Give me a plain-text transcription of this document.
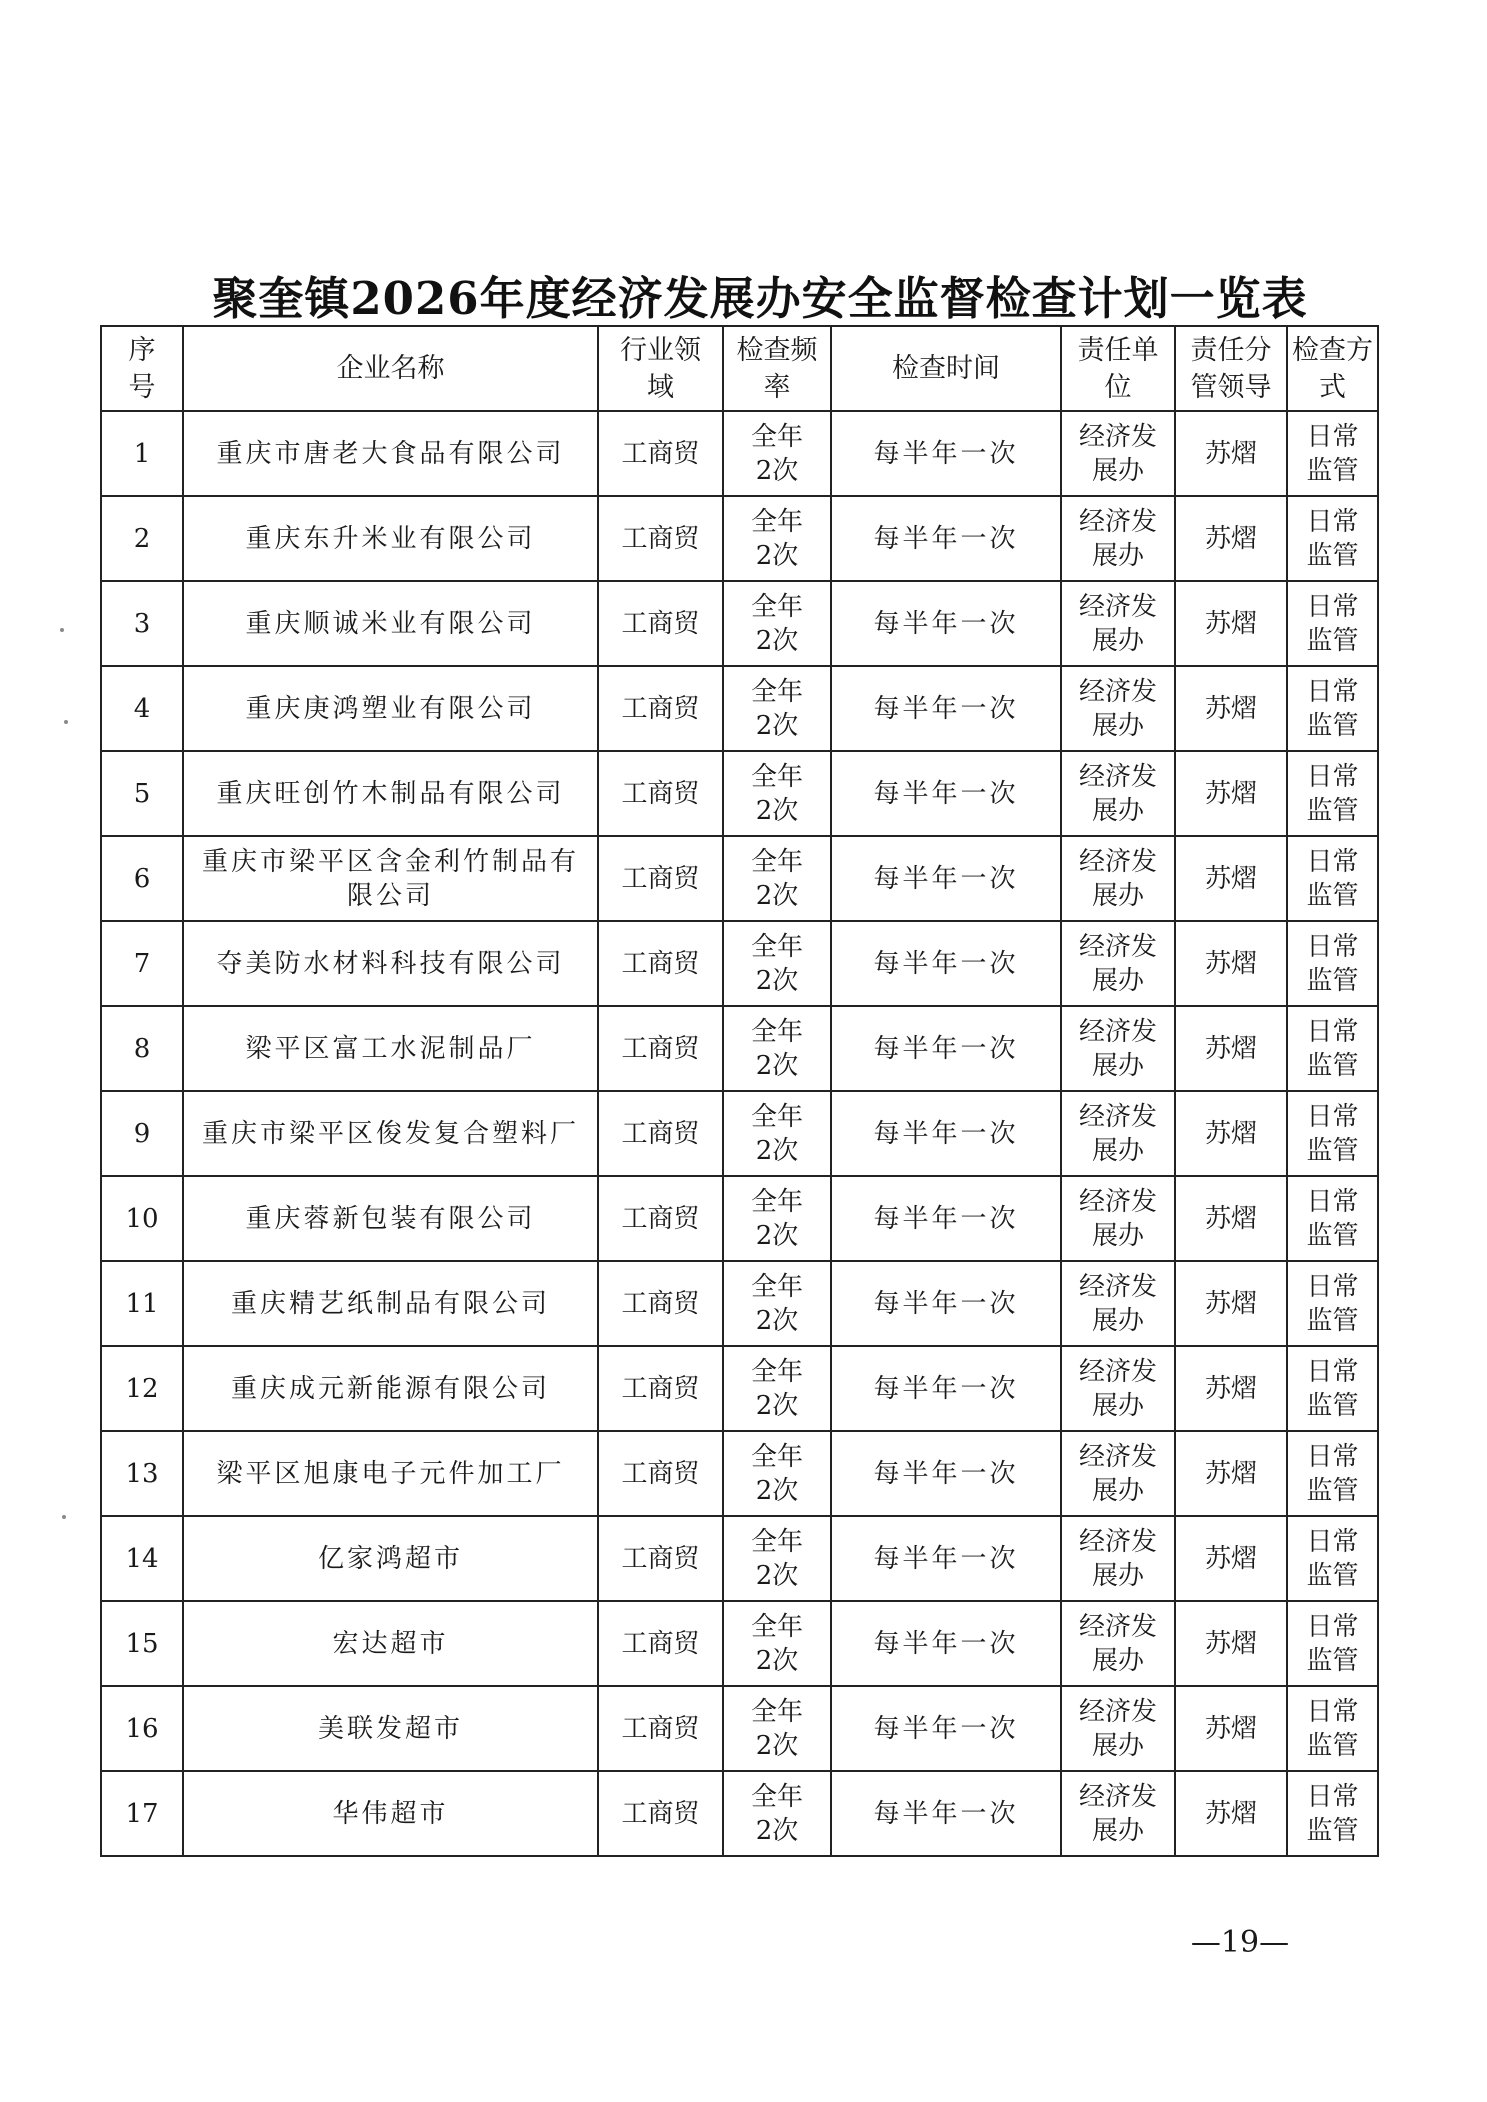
聚奎镇2026年度经济发展办安全监督检查计划一览表
序号	企业名称	行业领域	检查频率	检查时间	责任单位	责任分管领导	检查方式
1	重庆市唐老大食品有限公司	工商贸	全年2次	每半年一次	经济发展办	苏熠	日常监管
2	重庆东升米业有限公司	工商贸	全年2次	每半年一次	经济发展办	苏熠	日常监管
3	重庆顺诚米业有限公司	工商贸	全年2次	每半年一次	经济发展办	苏熠	日常监管
4	重庆庚鸿塑业有限公司	工商贸	全年2次	每半年一次	经济发展办	苏熠	日常监管
5	重庆旺创竹木制品有限公司	工商贸	全年2次	每半年一次	经济发展办	苏熠	日常监管
6	重庆市梁平区含金利竹制品有限公司	工商贸	全年2次	每半年一次	经济发展办	苏熠	日常监管
7	夺美防水材料科技有限公司	工商贸	全年2次	每半年一次	经济发展办	苏熠	日常监管
8	梁平区富工水泥制品厂	工商贸	全年2次	每半年一次	经济发展办	苏熠	日常监管
9	重庆市梁平区俊发复合塑料厂	工商贸	全年2次	每半年一次	经济发展办	苏熠	日常监管
10	重庆蓉新包装有限公司	工商贸	全年2次	每半年一次	经济发展办	苏熠	日常监管
11	重庆精艺纸制品有限公司	工商贸	全年2次	每半年一次	经济发展办	苏熠	日常监管
12	重庆成元新能源有限公司	工商贸	全年2次	每半年一次	经济发展办	苏熠	日常监管
13	梁平区旭康电子元件加工厂	工商贸	全年2次	每半年一次	经济发展办	苏熠	日常监管
14	亿家鸿超市	工商贸	全年2次	每半年一次	经济发展办	苏熠	日常监管
15	宏达超市	工商贸	全年2次	每半年一次	经济发展办	苏熠	日常监管
16	美联发超市	工商贸	全年2次	每半年一次	经济发展办	苏熠	日常监管
17	华伟超市	工商贸	全年2次	每半年一次	经济发展办	苏熠	日常监管
—19—
